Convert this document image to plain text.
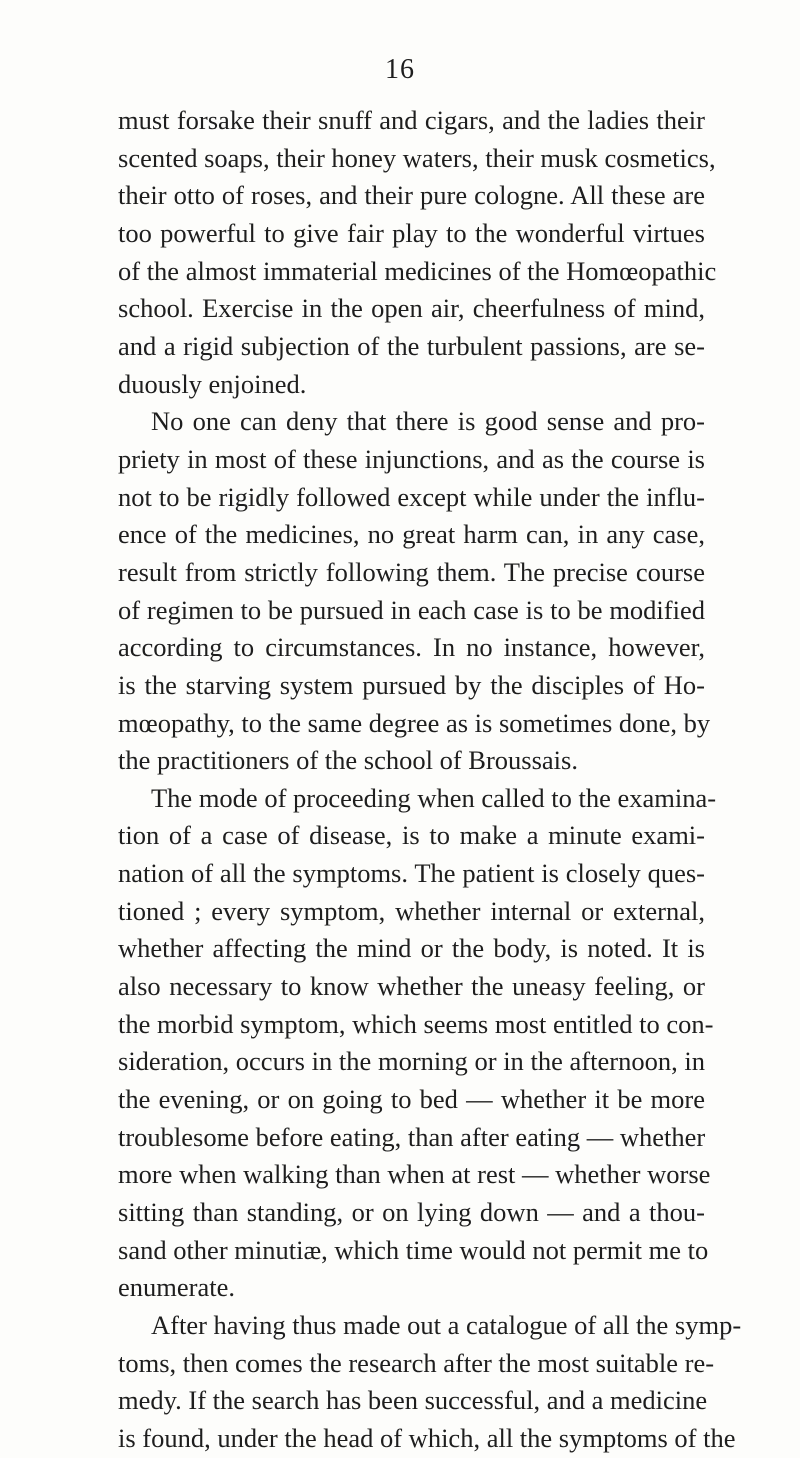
16
must forsake their snuff and cigars, and the ladies their
scented soaps, their honey waters, their musk cosmetics,
their otto of roses, and their pure cologne. All these are
too powerful to give fair play to the wonderful virtues
of the almost immaterial medicines of the Homœopathic
school. Exercise in the open air, cheerfulness of mind,
and a rigid subjection of the turbulent passions, are se-
duously enjoined.
No one can deny that there is good sense and pro-
priety in most of these injunctions, and as the course is
not to be rigidly followed except while under the influ-
ence of the medicines, no great harm can, in any case,
result from strictly following them. The precise course
of regimen to be pursued in each case is to be modified
according to circumstances. In no instance, however,
is the starving system pursued by the disciples of Ho-
mœopathy, to the same degree as is sometimes done, by
the practitioners of the school of Broussais.
The mode of proceeding when called to the examina-
tion of a case of disease, is to make a minute exami-
nation of all the symptoms. The patient is closely ques-
tioned ; every symptom, whether internal or external,
whether affecting the mind or the body, is noted. It is
also necessary to know whether the uneasy feeling, or
the morbid symptom, which seems most entitled to con-
sideration, occurs in the morning or in the afternoon, in
the evening, or on going to bed — whether it be more
troublesome before eating, than after eating — whether
more when walking than when at rest — whether worse
sitting than standing, or on lying down — and a thou-
sand other minutiæ, which time would not permit me to
enumerate.
After having thus made out a catalogue of all the symp-
toms, then comes the research after the most suitable re-
medy. If the search has been successful, and a medicine
is found, under the head of which, all the symptoms of the
